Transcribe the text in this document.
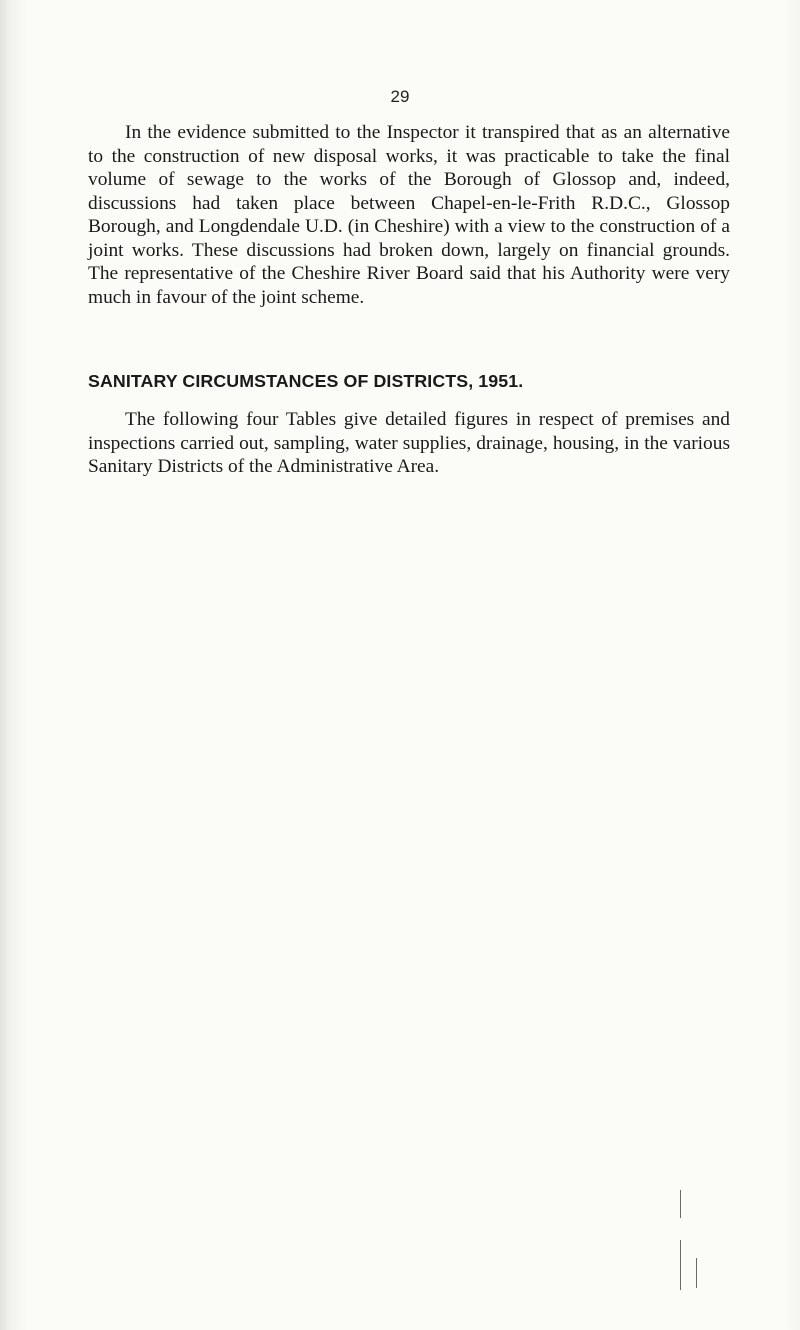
29

In the evidence submitted to the Inspector it transpired that as an alternative to the construction of new disposal works, it was practicable to take the final volume of sewage to the works of the Borough of Glossop and, indeed, discussions had taken place between Chapel-en-le-Frith R.D.C., Glossop Borough, and Longdendale U.D. (in Cheshire) with a view to the construction of a joint works. These discussions had broken down, largely on financial grounds. The representative of the Cheshire River Board said that his Authority were very much in favour of the joint scheme.

SANITARY CIRCUMSTANCES OF DISTRICTS, 1951.

The following four Tables give detailed figures in respect of premises and inspections carried out, sampling, water supplies, drainage, housing, in the various Sanitary Districts of the Administrative Area.
